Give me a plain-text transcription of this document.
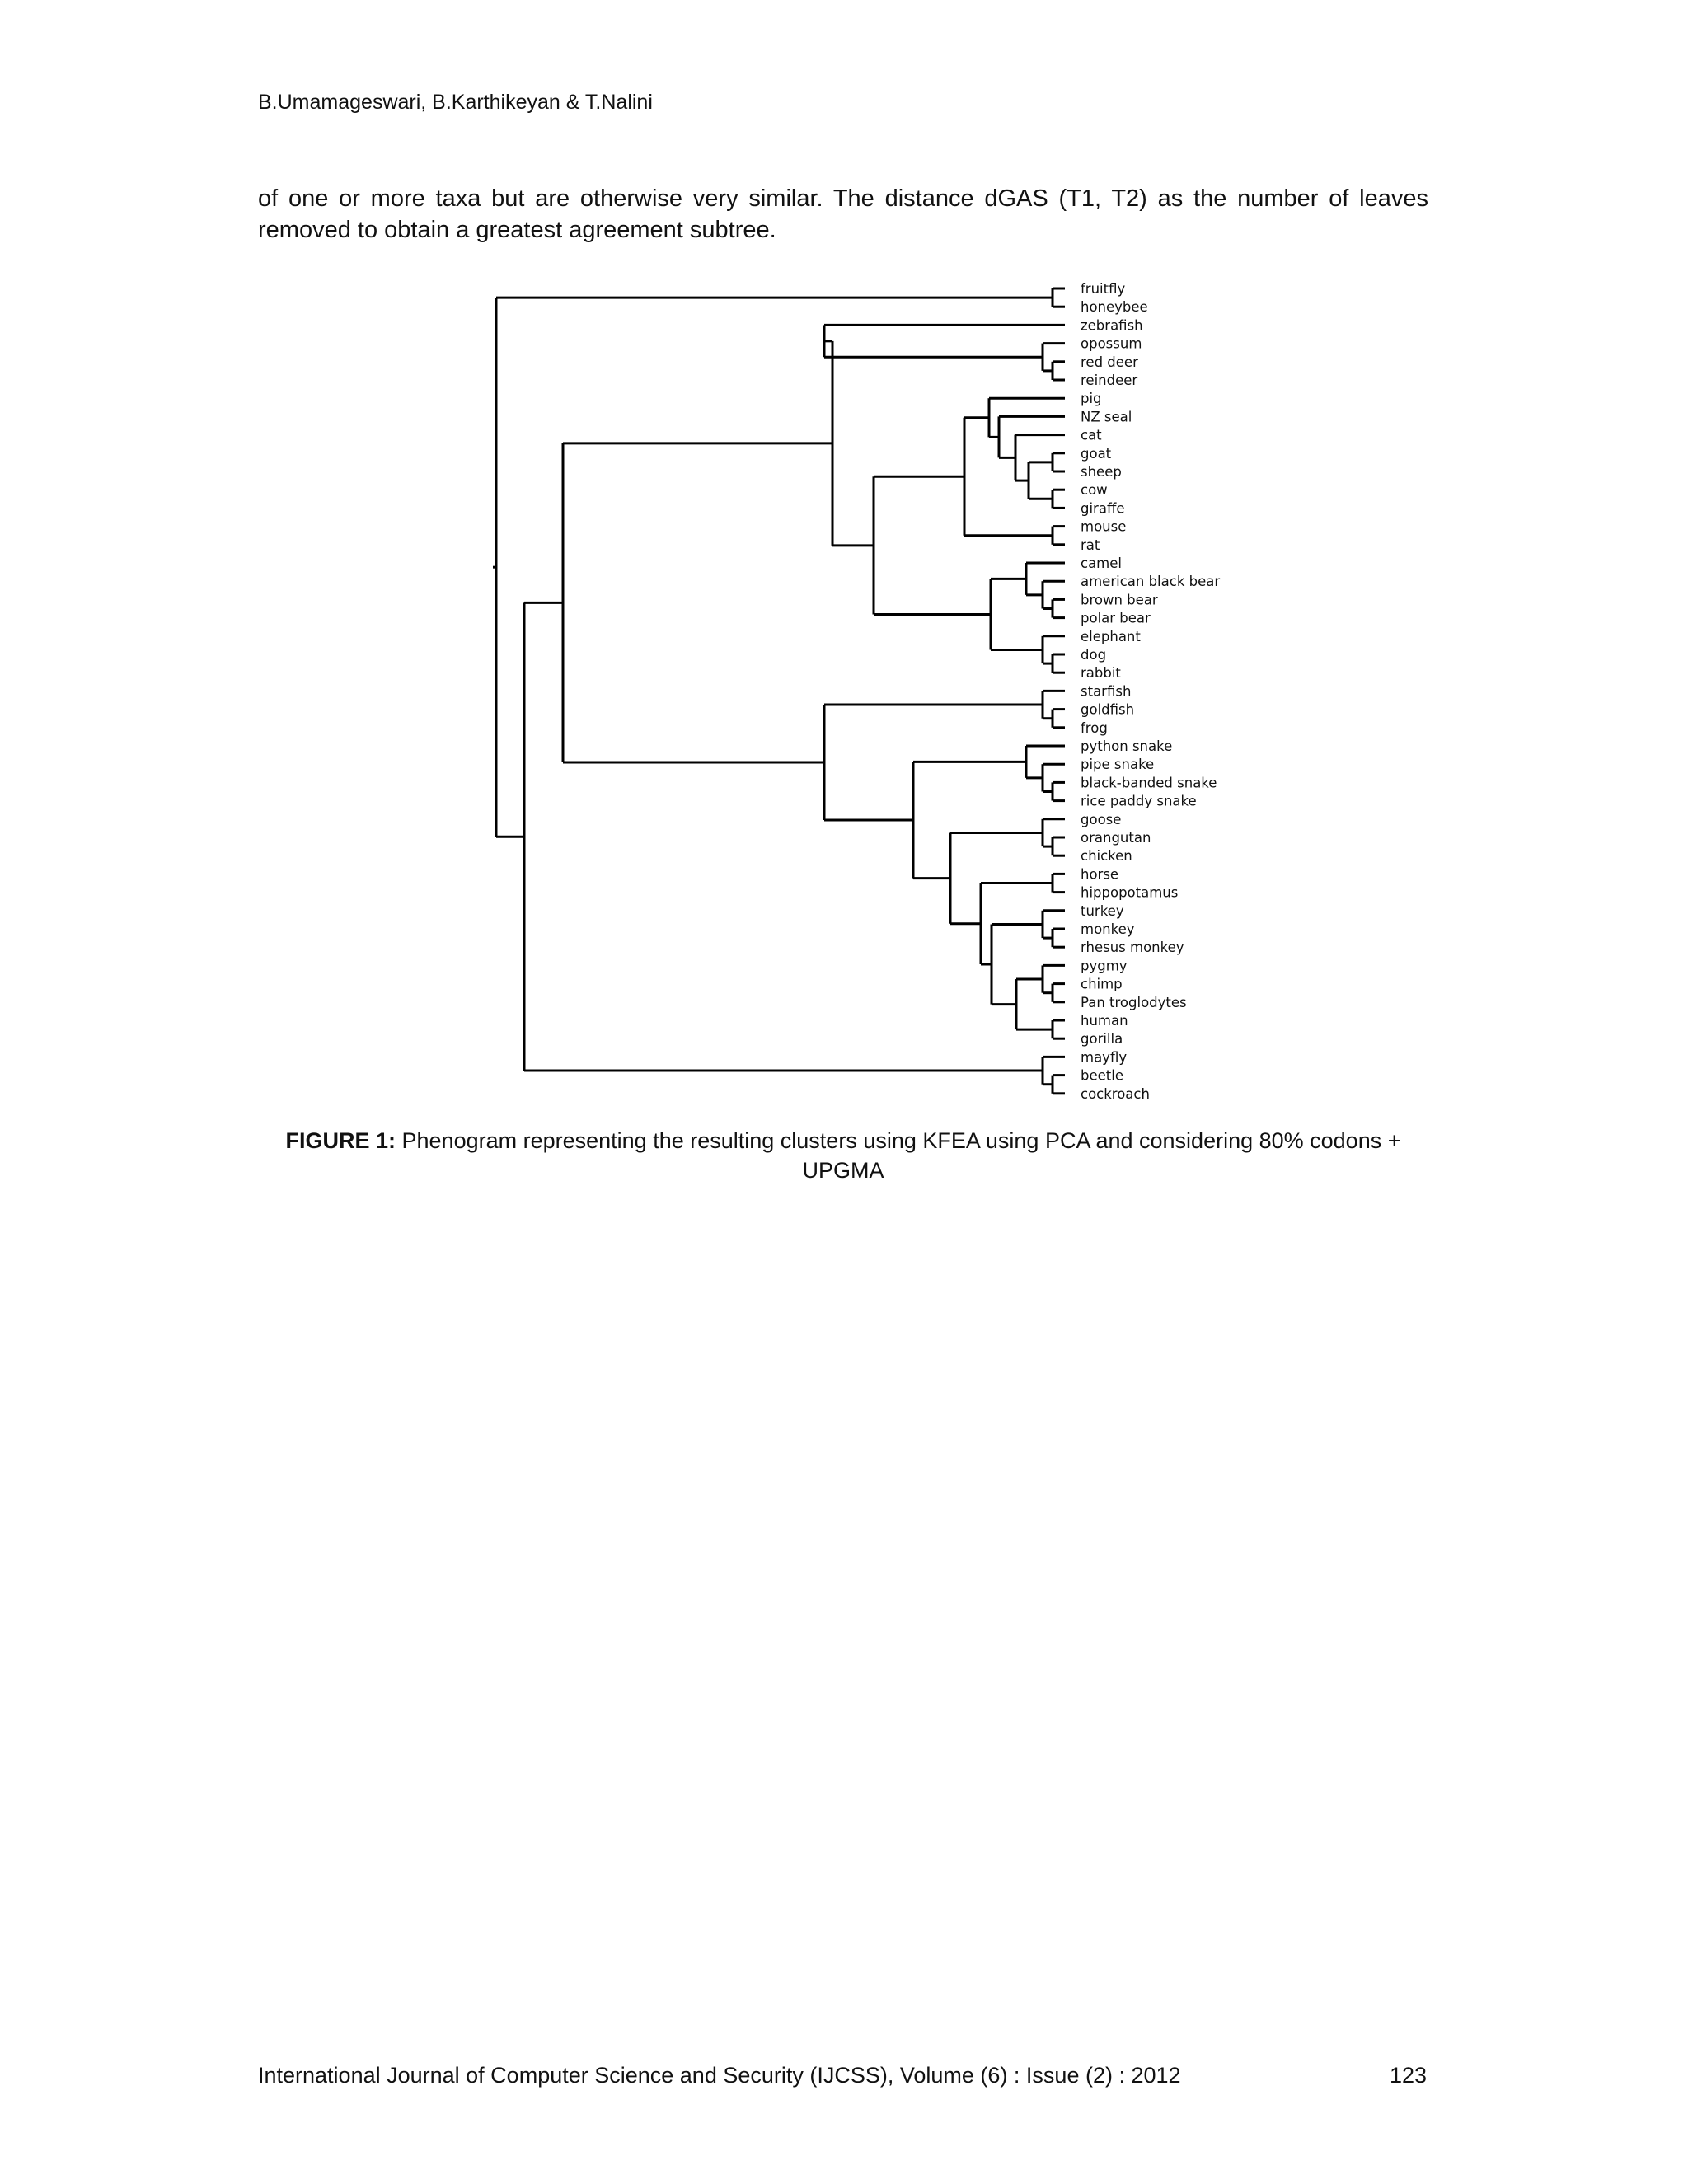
B.Umamageswari, B.Karthikeyan & T.Nalini
of one or more taxa but are otherwise very similar. The distance dGAS (T1, T2) as the number of leaves removed to obtain a greatest agreement subtree.
fruitfly
honeybee
zebrafish
opossum
red deer
reindeer
pig
NZ seal
cat
goat
sheep
cow
giraffe
mouse
rat
camel
american black bear
brown bear
polar bear
elephant
dog
rabbit
starfish
goldfish
frog
python snake
pipe snake
black-banded snake
rice paddy snake
goose
orangutan
chicken
horse
hippopotamus
turkey
monkey
rhesus monkey
pygmy
chimp
Pan troglodytes
human
gorilla
mayfly
beetle
cockroach
FIGURE 1: Phenogram representing the resulting clusters using KFEA using PCA and considering 80% codons + UPGMA
International Journal of Computer Science and Security (IJCSS), Volume (6) : Issue (2) : 2012	123
